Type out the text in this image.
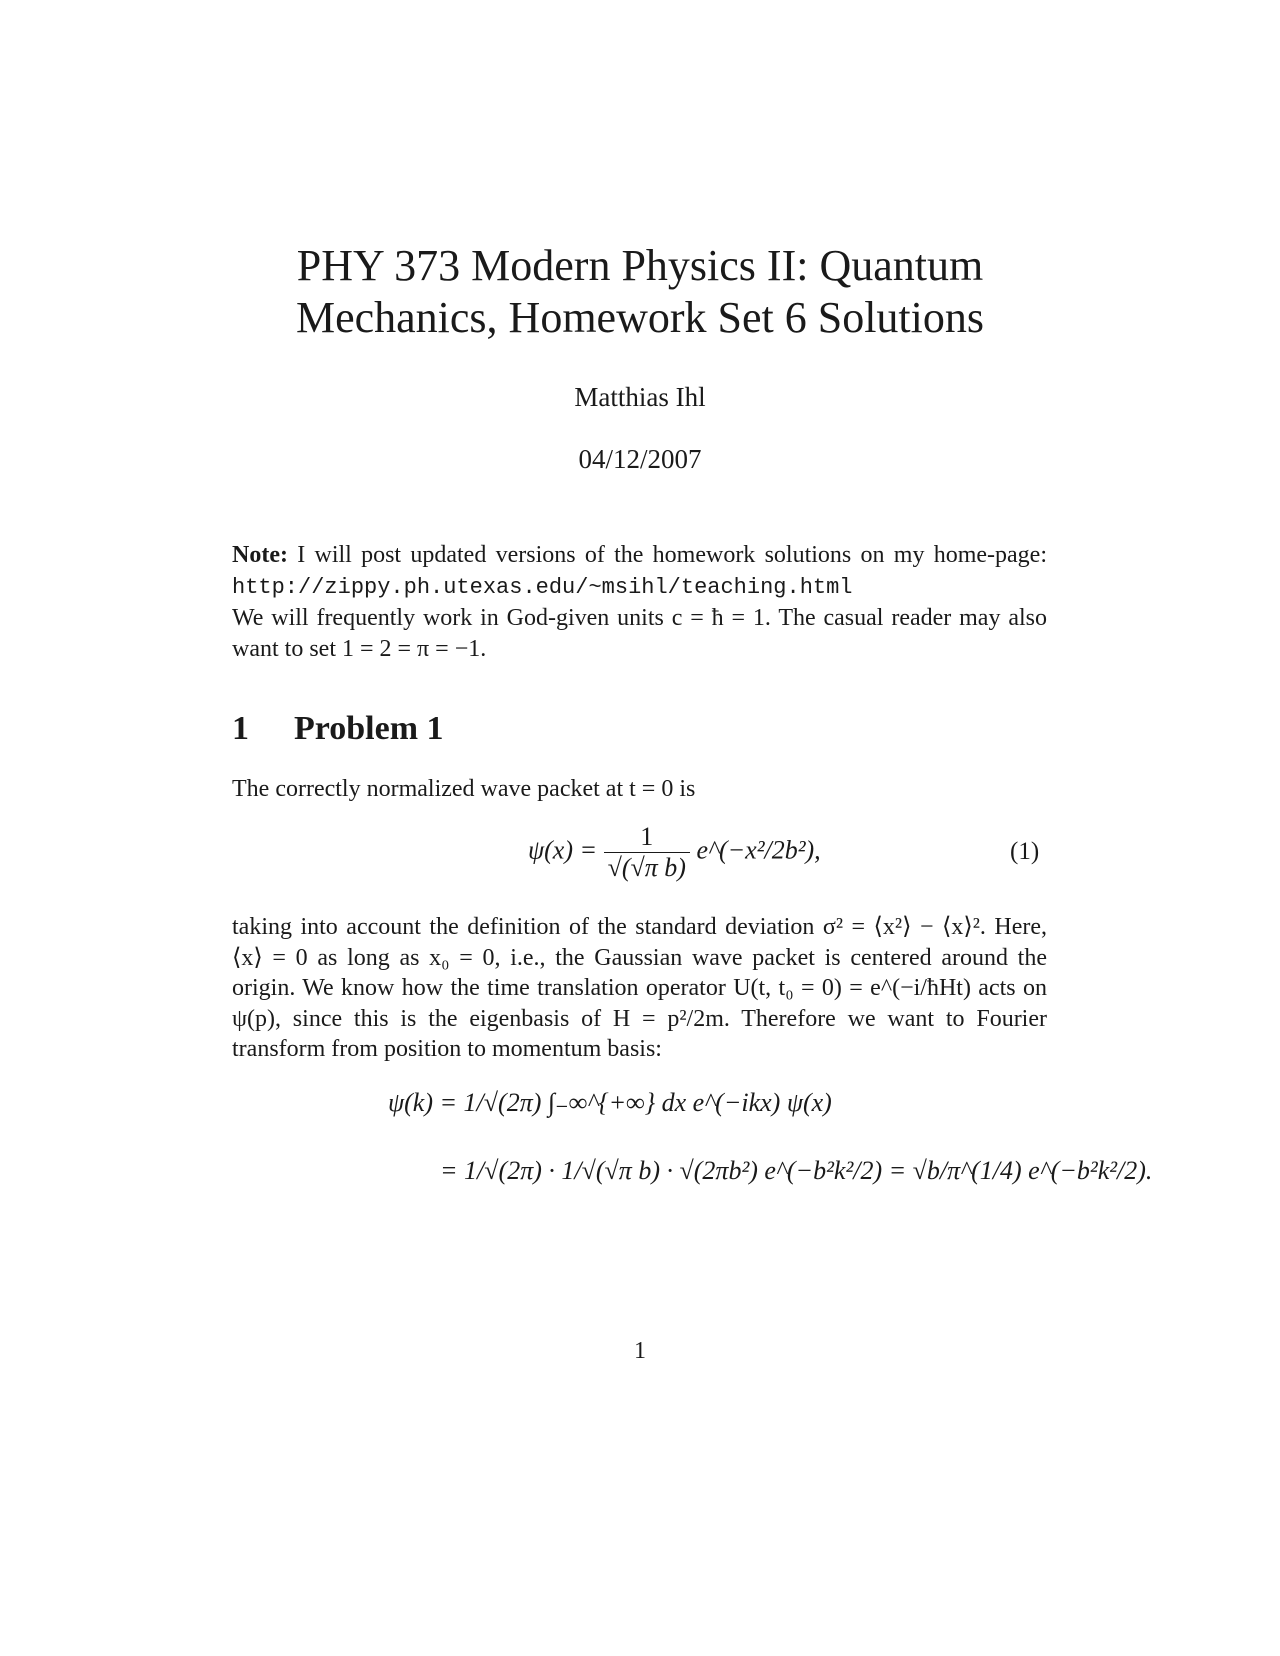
PHY 373 Modern Physics II: Quantum
Mechanics, Homework Set 6 Solutions
Matthias Ihl
04/12/2007

Note: I will post updated versions of the homework solutions on my home-page: http://zippy.ph.utexas.edu/~msihl/teaching.html

We will frequently work in God-given units c = ħ = 1. The casual reader may also want to set 1 = 2 = π = −1.

1 Problem 1

The correctly normalized wave packet at t = 0 is

$\psi(x) = \frac{1}{\text{√(√π b)}}$ e^(−x²/2b²),	(1)

taking into account the definition of the standard deviation σ² = ⟨x²⟩ − ⟨x⟩². Here, ⟨x⟩ = 0 as long as x₀ = 0, i.e., the Gaussian wave packet is centered around the origin. We know how the time translation operator U(t, t₀ = 0) = e^(−i/ħHt) acts on ψ(p), since this is the eigenbasis of H = p²/2m. Therefore we want to Fourier transform from position to momentum basis:

ψ(k) = 1/√(2π) ∫₋∞^{+∞} dx e^(−ikx) ψ(x)
= 1/√(2π) · 1/√(√π b) · √(2πb²) e^(−b²k²/2) = √b/π^(1/4) e^(−b²k²/2).
1
